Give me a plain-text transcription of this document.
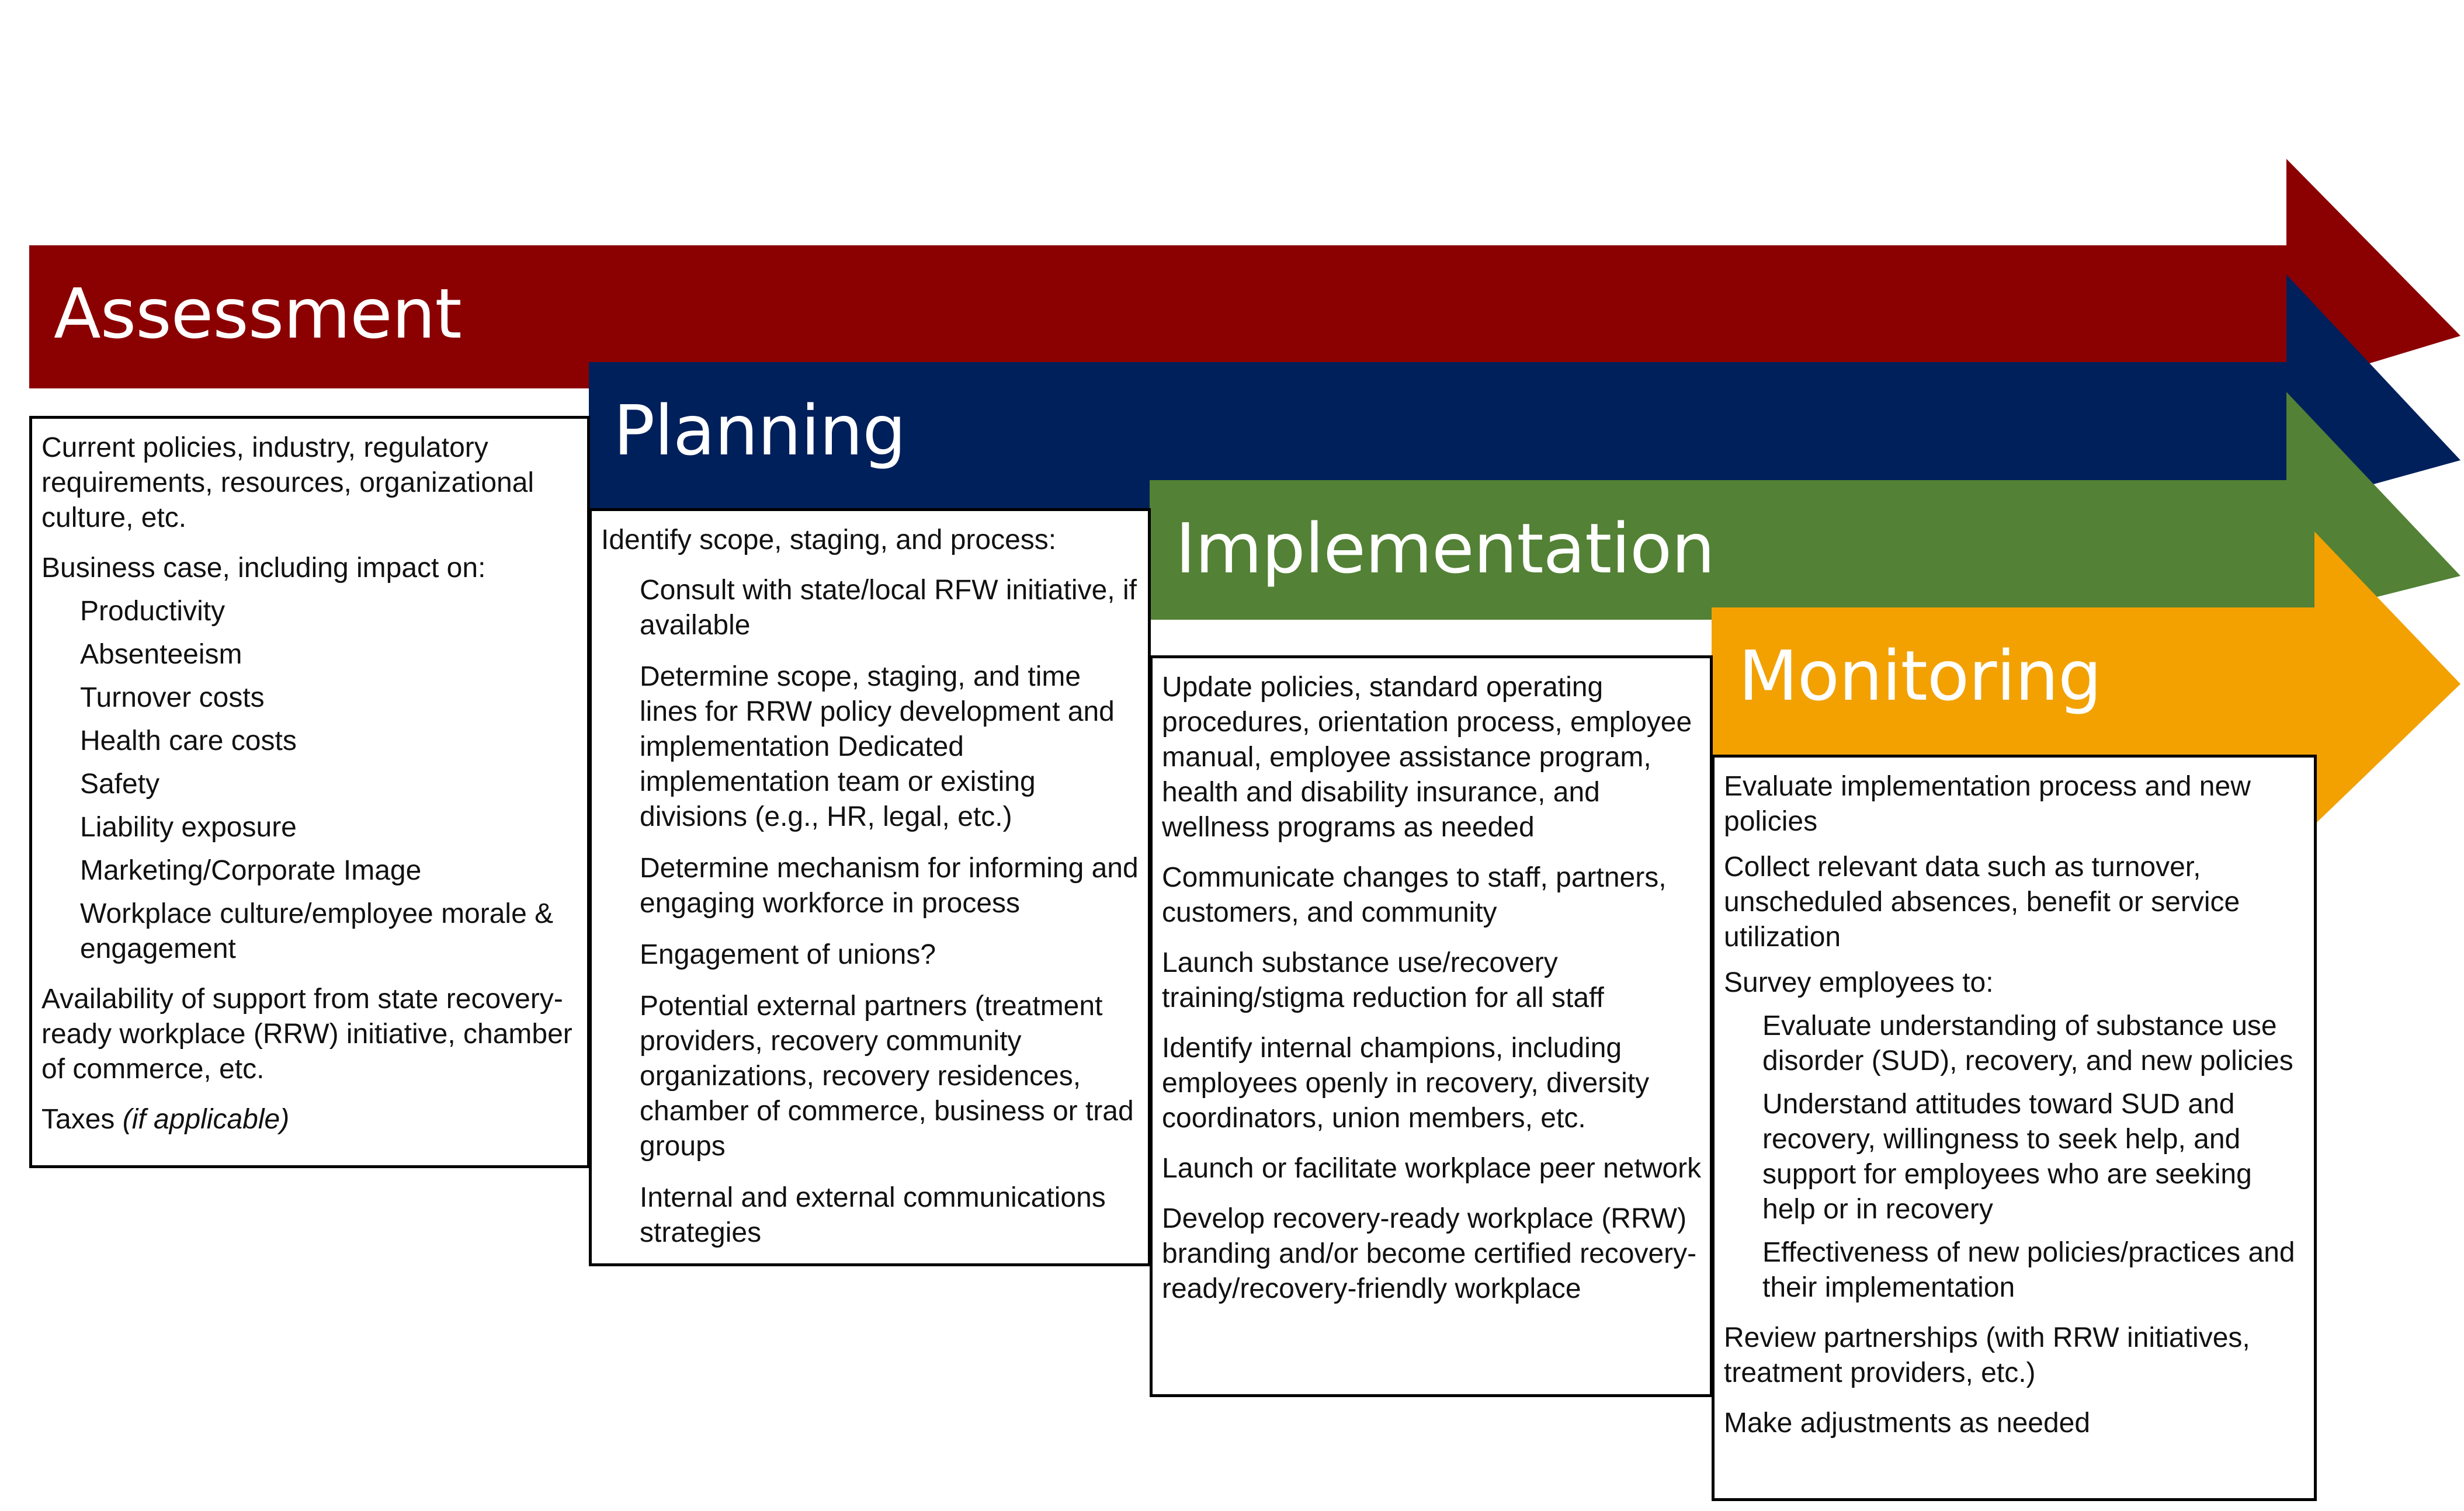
Assessment
Planning
Implementation
Monitoring
Current policies, industry, regulatory requirements, resources, organizational culture, etc.
Business case, including impact on:
Productivity
Absenteeism
Turnover costs
Health care costs
Safety
Liability exposure
Marketing/Corporate Image
Workplace culture/employee morale & engagement
Availability of support from state recovery-ready workplace (RRW) initiative, chamber of commerce, etc.
Taxes (if applicable)
Identify scope, staging, and process:
Consult with state/local RFW initiative, if available
Determine scope, staging, and time lines for RRW policy development and implementation Dedicated implementation team or existing divisions (e.g., HR, legal, etc.)
Determine mechanism for informing and engaging workforce in process
Engagement of unions?
Potential external partners (treatment providers, recovery community organizations, recovery residences, chamber of commerce, business or trad groups
Internal and external communications strategies
Update policies, standard operating procedures, orientation process, employee manual, employee assistance program, health and disability insurance, and wellness programs as needed
Communicate changes to staff, partners, customers, and community
Launch substance use/recovery training/stigma reduction for all staff
Identify internal champions, including employees openly in recovery, diversity coordinators, union members, etc.
Launch or facilitate workplace peer network
Develop recovery-ready workplace (RRW) branding and/or become certified recovery-ready/recovery-friendly workplace
Evaluate implementation process and new policies
Collect relevant data such as turnover, unscheduled absences, benefit or service utilization
Survey employees to:
Evaluate understanding of substance use disorder (SUD), recovery, and new policies
Understand attitudes toward SUD and recovery, willingness to seek help, and support for employees who are seeking help or in recovery
Effectiveness of new policies/practices and their implementation
Review partnerships (with RRW initiatives, treatment providers, etc.)
Make adjustments as needed
